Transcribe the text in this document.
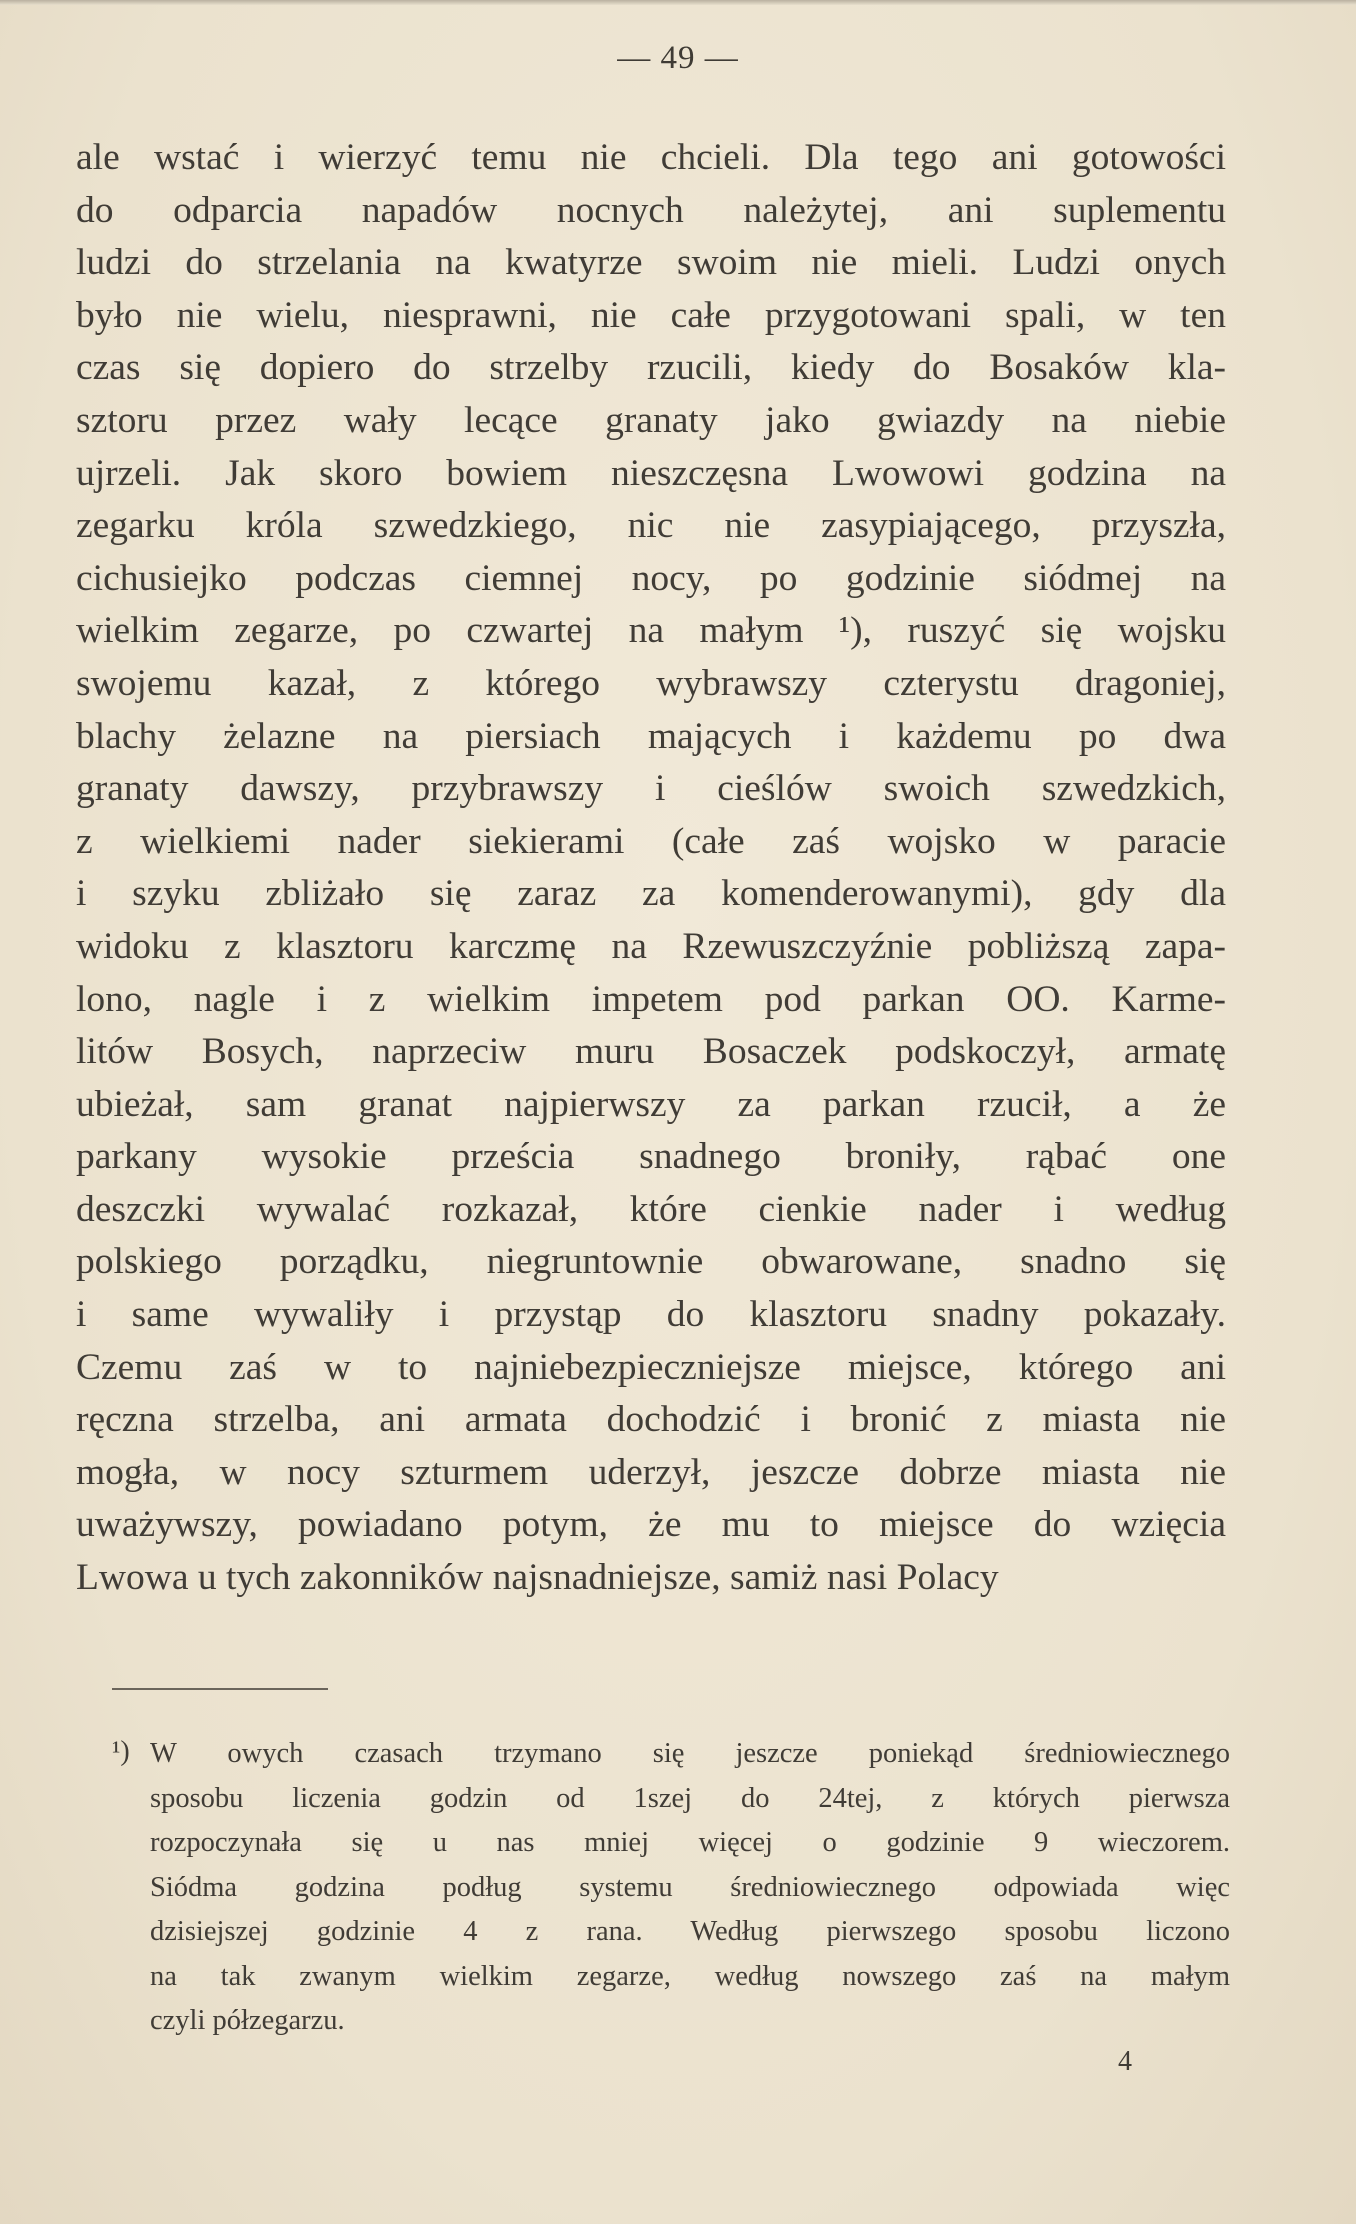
— 49 —
ale wstać i wierzyć temu nie chcieli. Dla tego ani gotowości
do odparcia napadów nocnych należytej, ani suplementu
ludzi do strzelania na kwatyrze swoim nie mieli. Ludzi onych
było nie wielu, niesprawni, nie całe przygotowani spali, w ten
czas się dopiero do strzelby rzucili, kiedy do Bosaków kla-
sztoru przez wały lecące granaty jako gwiazdy na niebie
ujrzeli. Jak skoro bowiem nieszczęsna Lwowowi godzina na
zegarku króla szwedzkiego, nic nie zasypiającego, przyszła,
cichusiejko podczas ciemnej nocy, po godzinie siódmej na
wielkim zegarze, po czwartej na małym ¹), ruszyć się wojsku
swojemu kazał, z którego wybrawszy czterystu dragoniej,
blachy żelazne na piersiach mających i każdemu po dwa
granaty dawszy, przybrawszy i cieślów swoich szwedzkich,
z wielkiemi nader siekierami (całe zaś wojsko w paracie
i szyku zbliżało się zaraz za komenderowanymi), gdy dla
widoku z klasztoru karczmę na Rzewuszczyźnie pobliższą zapa-
lono, nagle i z wielkim impetem pod parkan OO. Karme-
litów Bosych, naprzeciw muru Bosaczek podskoczył, armatę
ubieżał, sam granat najpierwszy za parkan rzucił, a że
parkany wysokie prześcia snadnego broniły, rąbać one
deszczki wywalać rozkazał, które cienkie nader i według
polskiego porządku, niegruntownie obwarowane, snadno się
i same wywaliły i przystąp do klasztoru snadny pokazały.
Czemu zaś w to najniebezpieczniejsze miejsce, którego ani
ręczna strzelba, ani armata dochodzić i bronić z miasta nie
mogła, w nocy szturmem uderzył, jeszcze dobrze miasta nie
uważywszy, powiadano potym, że mu to miejsce do wzięcia
Lwowa u tych zakonników najsnadniejsze, samiż nasi Polacy
¹) W owych czasach trzymano się jeszcze poniekąd średniowiecznego
sposobu liczenia godzin od 1szej do 24tej, z których pierwsza
rozpoczynała się u nas mniej więcej o godzinie 9 wieczorem.
Siódma godzina podług systemu średniowiecznego odpowiada więc
dzisiejszej godzinie 4 z rana. Według pierwszego sposobu liczono
na tak zwanym wielkim zegarze, według nowszego zaś na małym
czyli półzegarzu.
4
